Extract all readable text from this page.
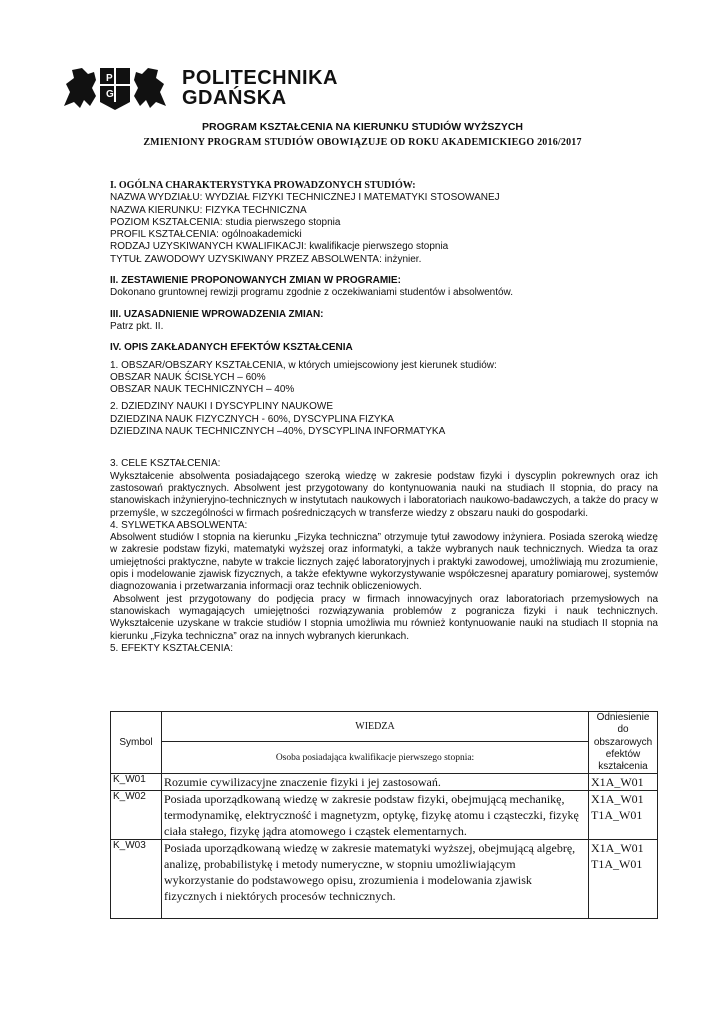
P
G
POLITECHNIKA
GDAŃSKA
PROGRAM KSZTAŁCENIA NA KIERUNKU STUDIÓW WYŻSZYCH
ZMIENIONY PROGRAM STUDIÓW OBOWIĄZUJE OD ROKU AKADEMICKIEGO 2016/2017
I. OGÓLNA CHARAKTERYSTYKA PROWADZONYCH STUDIÓW:
NAZWA WYDZIAŁU: WYDZIAŁ FIZYKI TECHNICZNEJ I MATEMATYKI STOSOWANEJ
NAZWA KIERUNKU: FIZYKA TECHNICZNA
POZIOM KSZTAŁCENIA: studia pierwszego stopnia
PROFIL KSZTAŁCENIA: ogólnoakademicki
RODZAJ UZYSKIWANYCH KWALIFIKACJI: kwalifikacje pierwszego stopnia
TYTUŁ ZAWODOWY UZYSKIWANY PRZEZ ABSOLWENTA: inżynier.
II. ZESTAWIENIE PROPONOWANYCH ZMIAN W PROGRAMIE:
Dokonano gruntownej rewizji programu zgodnie z oczekiwaniami studentów i absolwentów.
III. UZASADNIENIE WPROWADZENIA ZMIAN:
Patrz pkt. II.
IV. OPIS ZAKŁADANYCH EFEKTÓW KSZTAŁCENIA
1. OBSZAR/OBSZARY KSZTAŁCENIA, w których umiejscowiony jest kierunek studiów:
OBSZAR NAUK ŚCISŁYCH – 60%
OBSZAR NAUK TECHNICZNYCH – 40%
2. DZIEDZINY NAUKI I DYSCYPLINY NAUKOWE
DZIEDZINA NAUK FIZYCZNYCH - 60%, DYSCYPLINA FIZYKA
DZIEDZINA NAUK TECHNICZNYCH –40%, DYSCYPLINA INFORMATYKA
3. CELE KSZTAŁCENIA:
Wykształcenie absolwenta posiadającego szeroką wiedzę w zakresie podstaw fizyki i dyscyplin pokrewnych oraz ich zastosowań praktycznych. Absolwent jest przygotowany do kontynuowania nauki na studiach II stopnia, do pracy na stanowiskach inżynieryjno-technicznych w instytutach naukowych i laboratoriach naukowo-badawczych, a także do pracy w przemyśle, w szczególności w firmach pośredniczących w transferze wiedzy z obszaru nauki do gospodarki.
4. SYLWETKA ABSOLWENTA:
Absolwent studiów I stopnia na kierunku „Fizyka techniczna” otrzymuje tytuł zawodowy inżyniera. Posiada szeroką wiedzę w zakresie podstaw fizyki, matematyki wyższej oraz informatyki, a także wybranych nauk technicznych. Wiedza ta oraz umiejętności praktyczne, nabyte w trakcie licznych zajęć laboratoryjnych i praktyki zawodowej, umożliwiają mu zrozumienie, opis i modelowanie zjawisk fizycznych, a także efektywne wykorzystywanie współczesnej aparatury pomiarowej, systemów diagnozowania i przetwarzania informacji oraz technik obliczeniowych.
Absolwent jest przygotowany do podjęcia pracy w firmach innowacyjnych oraz laboratoriach przemysłowych na stanowiskach wymagających umiejętności rozwiązywania problemów z pogranicza fizyki i nauk technicznych. Wykształcenie uzyskane w trakcie studiów I stopnia umożliwia mu również kontynuowanie nauki na studiach II stopnia na kierunku „Fizyka techniczna” oraz na innych wybranych kierunkach.
5. EFEKTY KSZTAŁCENIA:
Symbol	WIEDZA	Odniesienie do obszarowych efektów kształcenia
	Osoba posiadająca kwalifikacje pierwszego stopnia:	
K_W01	Rozumie cywilizacyjne znaczenie fizyki i jej zastosowań.	X1A_W01
K_W02	Posiada uporządkowaną wiedzę w zakresie podstaw fizyki, obejmującą mechanikę, termodynamikę, elektryczność i magnetyzm, optykę, fizykę atomu i cząsteczki, fizykę ciała stałego, fizykę jądra atomowego i cząstek elementarnych.	X1A_W01
T1A_W01
K_W03	Posiada uporządkowaną wiedzę w zakresie matematyki wyższej, obejmującą algebrę, analizę, probabilistykę i metody numeryczne, w stopniu umożliwiającym wykorzystanie do podstawowego opisu, zrozumienia i modelowania zjawisk fizycznych i niektórych procesów technicznych.	X1A_W01
T1A_W01
